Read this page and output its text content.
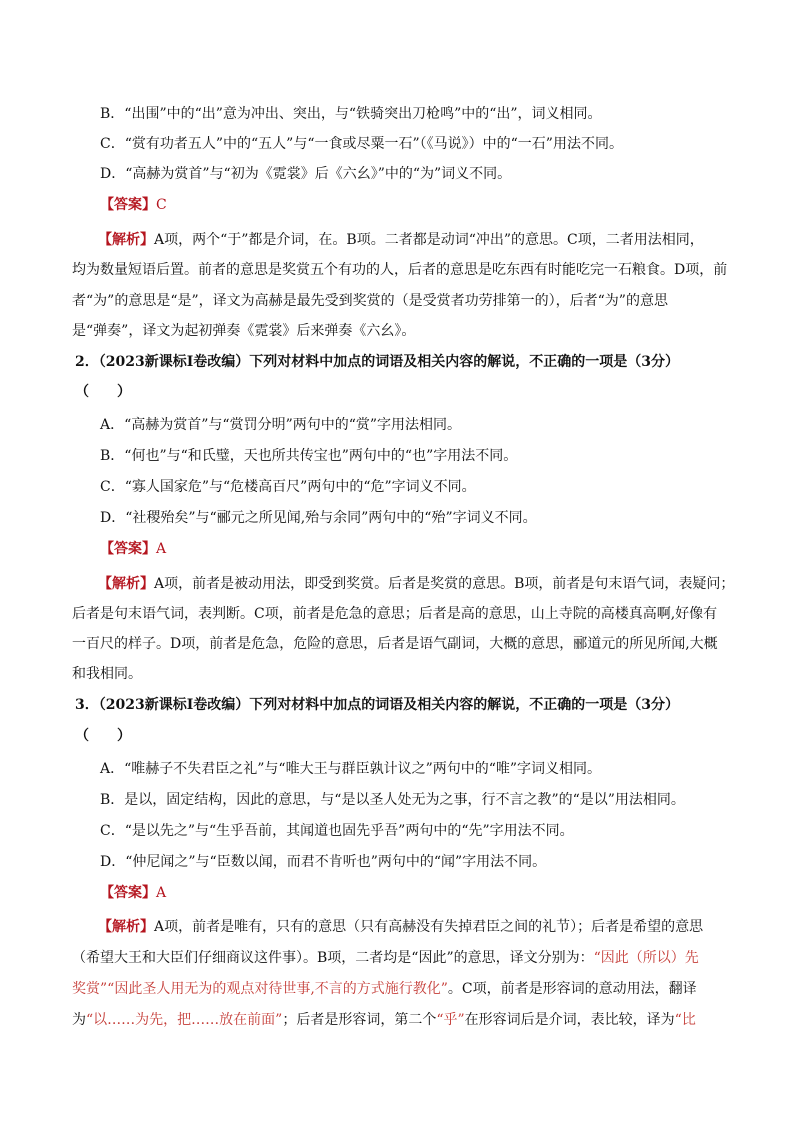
B．“出围”中的“出”意为冲出、突出，与“铁骑突出刀枪鸣”中的“出”，词义相同。
C．“赏有功者五人”中的“五人”与“一食或尽粟一石”（《马说》）中的“一石”用法不同。
D．“高赫为赏首”与“初为《霓裳》后《六幺》”中的“为”词义不同。
【答案】C
【解析】A项，两个“于”都是介词，在。B项。二者都是动词“冲出”的意思。C项，二者用法相同，
均为数量短语后置。前者的意思是奖赏五个有功的人，后者的意思是吃东西有时能吃完一石粮食。D项，前
者“为”的意思是“是”，译文为高赫是最先受到奖赏的（是受赏者功劳排第一的），后者“为”的意思
是“弹奏”，译文为起初弹奏《霓裳》后来弹奏《六幺》。
2．（2023新课标Ⅰ卷改编）下列对材料中加点的词语及相关内容的解说，不正确的一项是（3分）
（　　）
A．“高赫为赏首”与“赏罚分明”两句中的“赏”字用法相同。
B．“何也”与“和氏璧，天也所共传宝也”两句中的“也”字用法不同。
C．“寡人国家危”与“危楼高百尺”两句中的“危”字词义不同。
D．“社稷殆矣”与“郦元之所见闻,殆与余同”两句中的“殆”字词义不同。
【答案】A
【解析】A项，前者是被动用法，即受到奖赏。后者是奖赏的意思。B项，前者是句末语气词，表疑问；
后者是句末语气词，表判断。C项，前者是危急的意思；后者是高的意思，山上寺院的高楼真高啊,好像有
一百尺的样子。D项，前者是危急，危险的意思，后者是语气副词，大概的意思，郦道元的所见所闻,大概
和我相同。
3．（2023新课标Ⅰ卷改编）下列对材料中加点的词语及相关内容的解说，不正确的一项是（3分）
（　　）
A．“唯赫子不失君臣之礼”与“唯大王与群臣孰计议之”两句中的“唯”字词义相同。
B．是以，固定结构，因此的意思，与“是以圣人处无为之事，行不言之教”的“是以”用法相同。
C．“是以先之”与“生乎吾前，其闻道也固先乎吾”两句中的“先”字用法不同。
D．“仲尼闻之”与“臣数以闻，而君不肯听也”两句中的“闻”字用法不同。
【答案】A
【解析】A项，前者是唯有，只有的意思（只有高赫没有失掉君臣之间的礼节）；后者是希望的意思
（希望大王和大臣们仔细商议这件事）。B项，二者均是“因此”的意思，译文分别为：“因此（所以）先
奖赏”“因此圣人用无为的观点对待世事,不言的方式施行教化”。C项，前者是形容词的意动用法，翻译
为“以……为先，把……放在前面”；后者是形容词，第二个“乎”在形容词后是介词，表比较，译为“比
